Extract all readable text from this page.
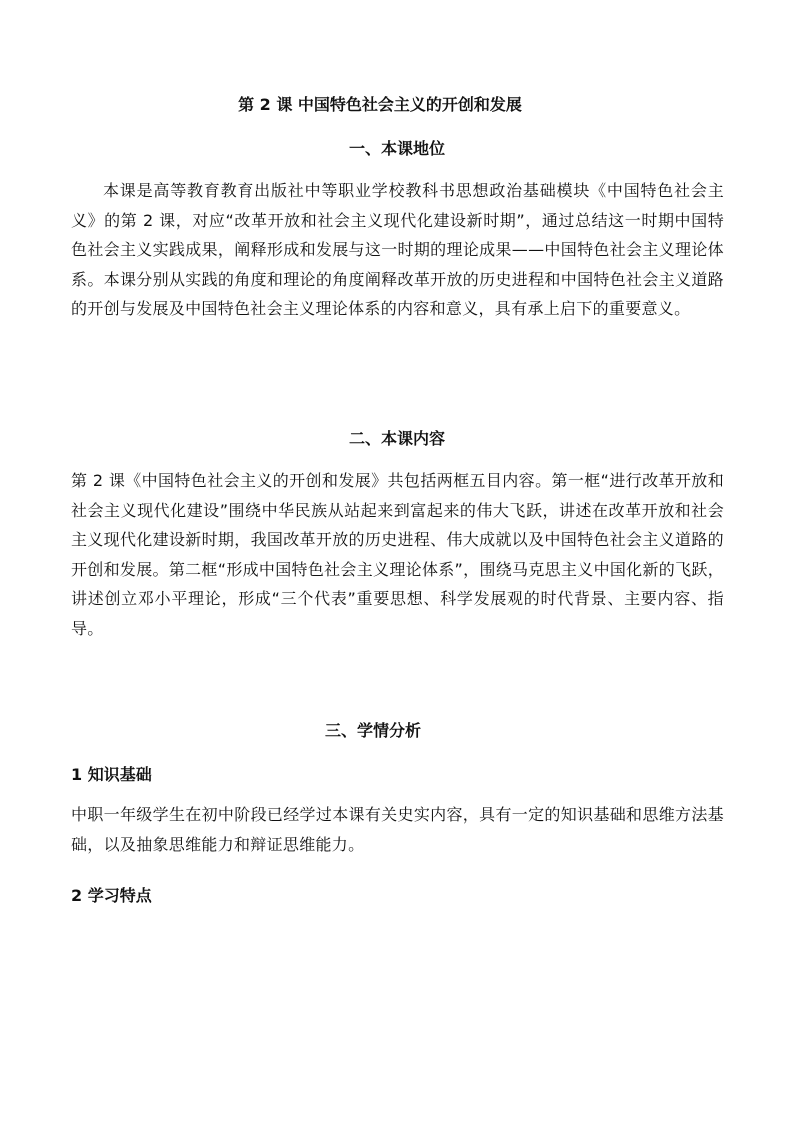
第 2 课 中国特色社会主义的开创和发展
一、本课地位
本课是高等教育教育出版社中等职业学校教科书思想政治基础模块《中国特色社会主义》的第 2 课，对应“改革开放和社会主义现代化建设新时期”，通过总结这一时期中国特色社会主义实践成果，阐释形成和发展与这一时期的理论成果——中国特色社会主义理论体系。本课分别从实践的角度和理论的角度阐释改革开放的历史进程和中国特色社会主义道路的开创与发展及中国特色社会主义理论体系的内容和意义，具有承上启下的重要意义。
二、本课内容
第 2 课《中国特色社会主义的开创和发展》共包括两框五目内容。第一框“进行改革开放和社会主义现代化建设”围绕中华民族从站起来到富起来的伟大飞跃，讲述在改革开放和社会主义现代化建设新时期，我国改革开放的历史进程、伟大成就以及中国特色社会主义道路的开创和发展。第二框“形成中国特色社会主义理论体系”，围绕马克思主义中国化新的飞跃，讲述创立邓小平理论，形成“三个代表”重要思想、科学发展观的时代背景、主要内容、指导。
三、学情分析
1 知识基础
中职一年级学生在初中阶段已经学过本课有关史实内容，具有一定的知识基础和思维方法基础，以及抽象思维能力和辩证思维能力。
2 学习特点
